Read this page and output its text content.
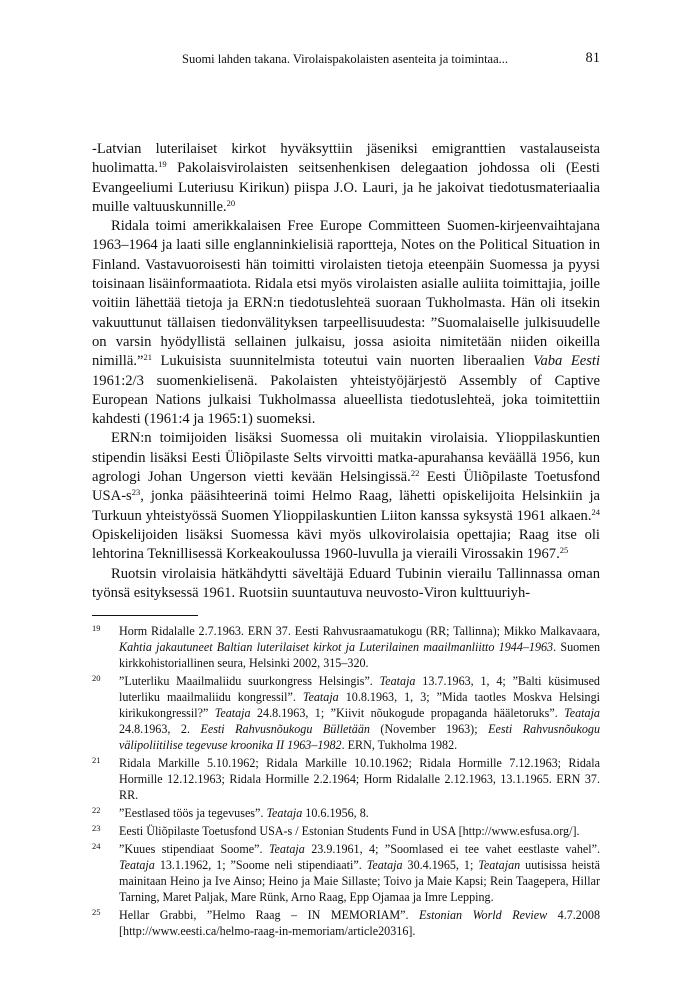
Suomi lahden takana. Virolaispakolaisten asenteita ja toimintaa...	81

-Latvian luterilaiset kirkot hyväksyttiin jäseniksi emigranttien vastalauseista huolimatta.$^{19}$ Pakolaisvirolaisten seitsenhenkisen delegaation johdossa oli (Eesti Evangeeliumi Luteriusu Kirikun) piispa J.O. Lauri, ja he jakoivat tiedotusmateriaalia muille valtuuskunnille.$^{20}$

Ridala toimi amerikkalaisen Free Europe Committeen Suomen-kirjeenvaihtajana 1963–1964 ja laati sille englanninkielisiä raportteja, Notes on the Political Situation in Finland. Vastavuoroisesti hän toimitti virolaisten tietoja eteenpäin Suomessa ja pyysi toisinaan lisäinformaatiota. Ridala etsi myös virolaisten asialle auliita toimittajia, joille voitiin lähettää tietoja ja ERN:n tiedotuslehteä suoraan Tukholmasta. Hän oli itsekin vakuuttunut tällaisen tiedonvälityksen tarpeellisuudesta: ”Suomalaiselle julkisuudelle on varsin hyödyllistä sellainen julkaisu, jossa asioita nimitetään niiden oikeilla nimillä.”$^{21}$ Lukuisista suunnitelmista toteutui vain nuorten liberaalien Vaba Eesti 1961:2/3 suomenkielisenä. Pakolaisten yhteistyöjärjestö Assembly of Captive European Nations julkaisi Tukholmassa alueellista tiedotuslehteä, joka toimitettiin kahdesti (1961:4 ja 1965:1) suomeksi.

ERN:n toimijoiden lisäksi Suomessa oli muitakin virolaisia. Ylioppilaskuntien stipendin lisäksi Eesti Üliõpilaste Selts virvoitti matka-apurahansa keväällä 1956, kun agrologi Johan Ungerson vietti kevään Helsingissä.$^{22}$ Eesti Üliõpilaste Toetusfond USA-$s^{23}$, jonka pääsihteerinä toimi Helmo Raag, lähetti opiskelijoita Helsinkiin ja Turkuun yhteistyössä Suomen Ylioppilaskuntien Liiton kanssa syksystä 1961 alkaen.$^{24}$ Opiskelijoiden lisäksi Suomessa kävi myös ulkovirolaisia opettajia; Raag itse oli lehtorina Teknillisessä Korkeakoulussa 1960-luvulla ja vieraili Virossakin 1967.25

Ruotsin virolaisia hätkähdytti säveltäjä Eduard Tubinin vierailu Tallinnassa oman työnsä esityksessä 1961. Ruotsiin suuntautuva neuvosto-Viron kulttuuriyh-

19 Horm Ridalalle 2.7.1963. ERN 37. Eesti Rahvusraamatukogu (RR; Tallinna); Mikko Malkavaara, Kahtia jakautuneet Baltian luterilaiset kirkot ja Luterilainen maailmanliitto 1944–1963. Suomen kirkkohistoriallinen seura, Helsinki 2002, 315–320.
20 ”Luterliku Maailmaliidu suurkongress Helsingis”. Teataja 13.7.1963, 1, 4; ”Balti küsimused luterliku maailmaliidu kongressil”. Teataja 10.8.1963, 1, 3; ”Mida taotles Moskva Helsingi kirikukongressil?” Teataja 24.8.1963, 1; ”Kiivit nõukogude propaganda hääletoruks”. Teataja 24.8.1963, 2. Eesti Rahvusnõukogu Bülletään (November 1963); Eesti Rahvusnõukogu välipoliitilise tegevuse kroonika II 1963–1982. ERN, Tukholma 1982.
21 Ridala Markille 5.10.1962; Ridala Markille 10.10.1962; Ridala Hormille 7.12.1963; Ridala Hormille 12.12.1963; Ridala Hormille 2.2.1964; Horm Ridalalle 2.12.1963, 13.1.1965. ERN 37. RR.
22 ”Eestlased töös ja tegevuses”. Teataja 10.6.1956, 8.
23 Eesti Üliõpilaste Toetusfond USA-s / Estonian Students Fund in USA [http://www.esfusa.org/].
24 ”Kuues stipendiaat Soome”. Teataja 23.9.1961, 4; ”Soomlased ei tee vahet eestlaste vahel”. Teataja 13.1.1962, 1; ”Soome neli stipendiaati”. Teataja 30.4.1965, 1; Teatajan uutisissa heistä mainitaan Heino ja Ive Ainso; Heino ja Maie Sillaste; Toivo ja Maie Kapsi; Rein Taagepera, Hillar Tarning, Maret Paljak, Mare Rünk, Arno Raag, Epp Ojamaa ja Imre Lepping.
25 Hellar Grabbi, ”Helmo Raag – IN MEMORIAM”. Estonian World Review 4.7.2008 [http://www.eesti.ca/helmo-raag-in-memoriam/article20316].
